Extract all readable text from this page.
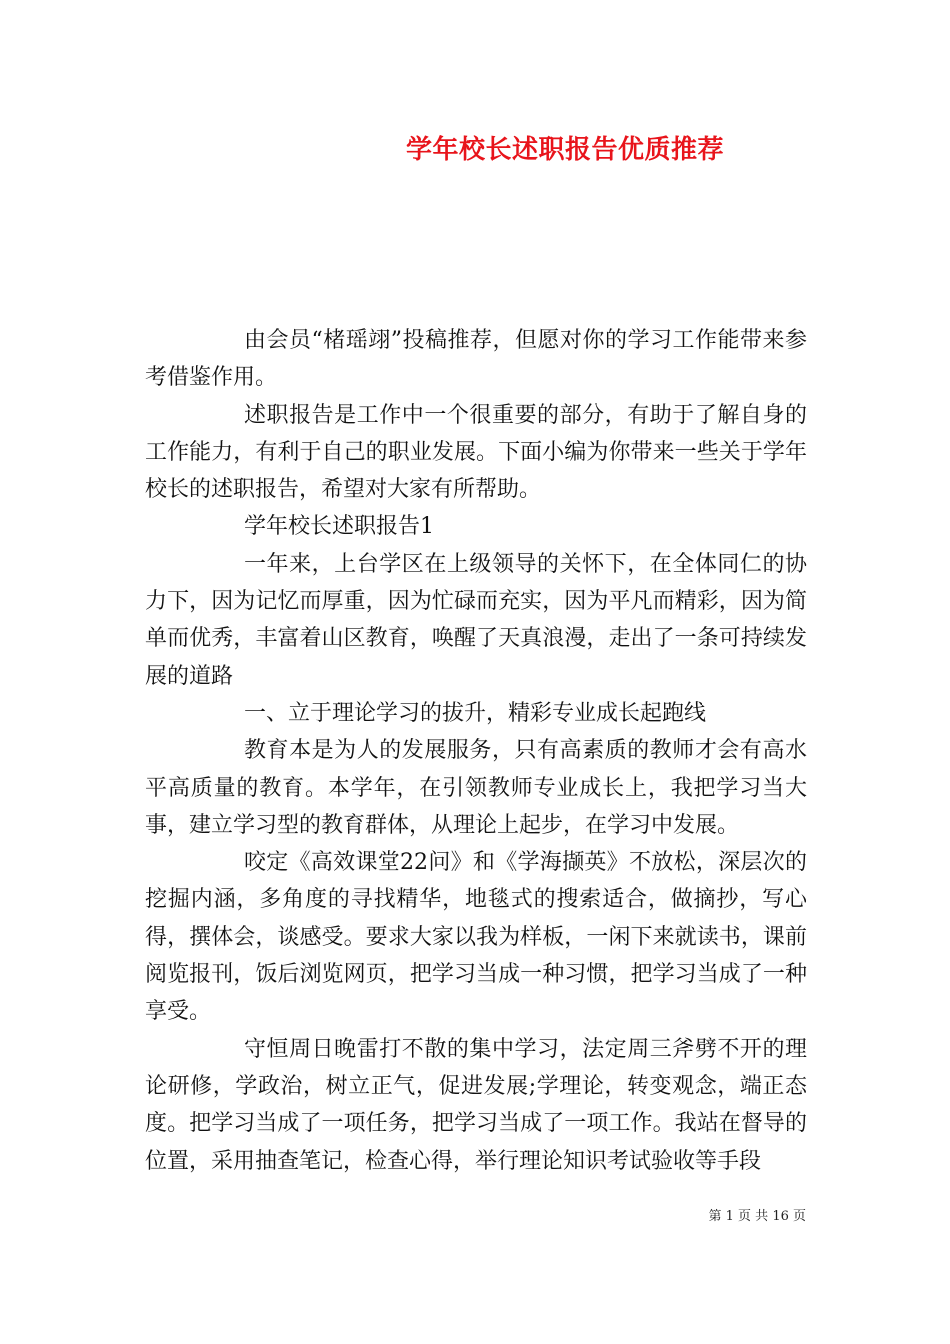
学年校长述职报告优质推荐

由会员“楮瑶翊”投稿推荐，但愿对你的学习工作能带来参考借鉴作用。

述职报告是工作中一个很重要的部分，有助于了解自身的工作能力，有利于自己的职业发展。下面小编为你带来一些关于学年校长的述职报告，希望对大家有所帮助。

学年校长述职报告1

一年来，上台学区在上级领导的关怀下，在全体同仁的协力下，因为记忆而厚重，因为忙碌而充实，因为平凡而精彩，因为简单而优秀，丰富着山区教育，唤醒了天真浪漫，走出了一条可持续发展的道路

一、立于理论学习的拔升，精彩专业成长起跑线

教育本是为人的发展服务，只有高素质的教师才会有高水平高质量的教育。本学年，在引领教师专业成长上，我把学习当大事，建立学习型的教育群体，从理论上起步，在学习中发展。

咬定《高效课堂22问》和《学海撷英》不放松，深层次的挖掘内涵，多角度的寻找精华，地毯式的搜索适合，做摘抄，写心得，撰体会，谈感受。要求大家以我为样板，一闲下来就读书，课前阅览报刊，饭后浏览网页，把学习当成一种习惯，把学习当成了一种享受。

守恒周日晚雷打不散的集中学习，法定周三斧劈不开的理论研修，学政治，树立正气，促进发展;学理论，转变观念，端正态度。把学习当成了一项任务，把学习当成了一项工作。我站在督导的位置，采用抽查笔记，检查心得，举行理论知识考试验收等手段

第 1 页 共 16 页
